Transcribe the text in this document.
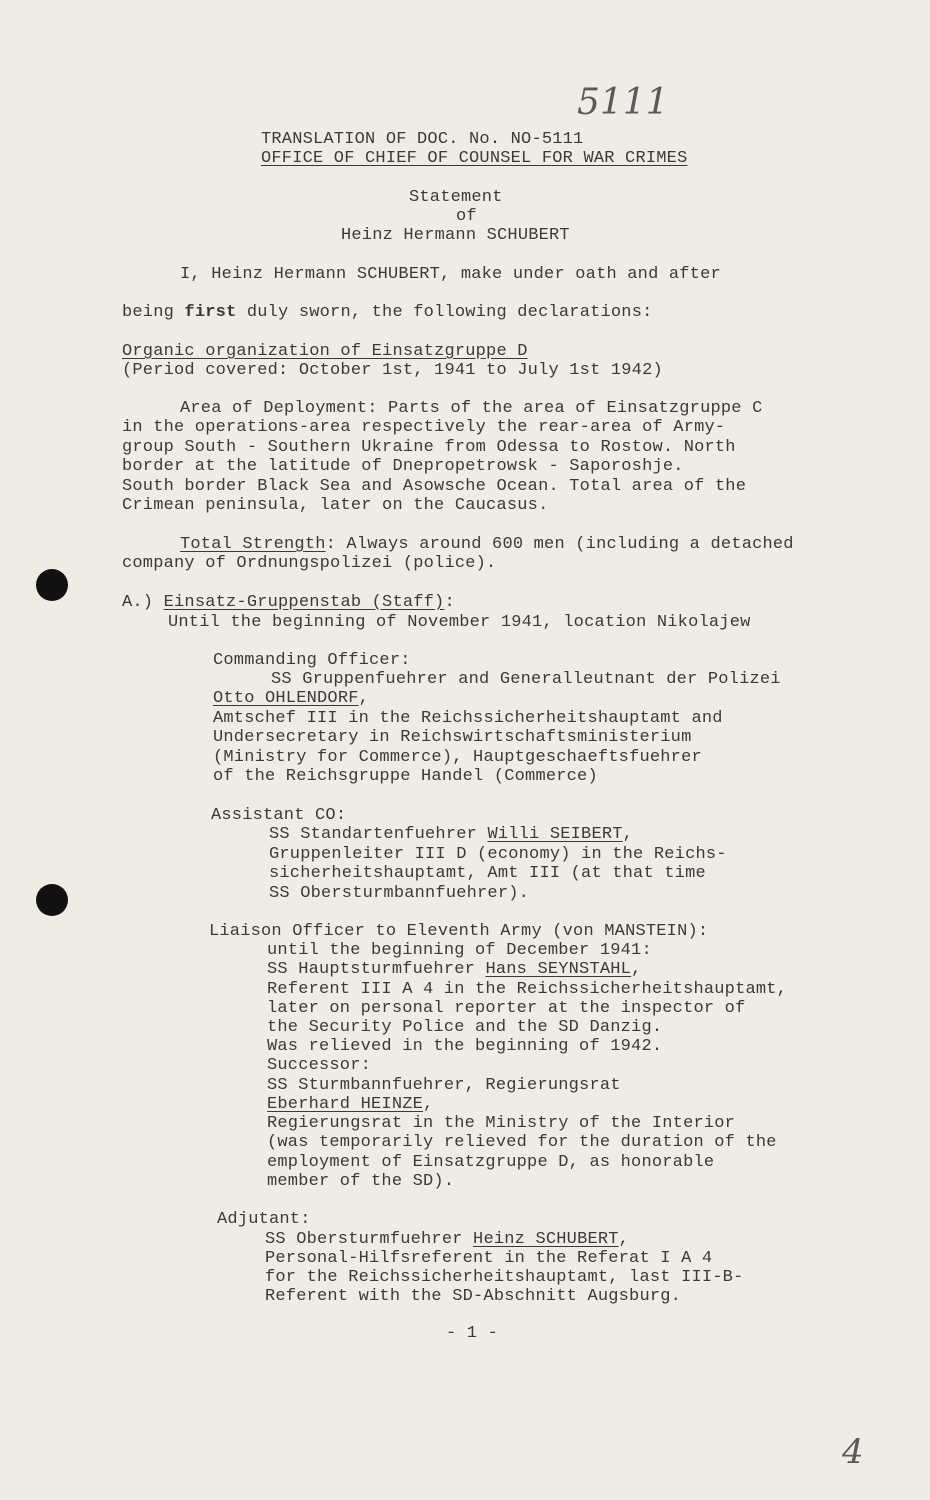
5111
TRANSLATION OF DOC. No. NO-5111
OFFICE OF CHIEF OF COUNSEL FOR WAR CRIMES
Statement
of
Heinz Hermann SCHUBERT
I, Heinz Hermann SCHUBERT, make under oath and after
being first duly sworn, the following declarations:
Organic organization of Einsatzgruppe D
(Period covered: October 1st, 1941 to July 1st 1942)
Area of Deployment: Parts of the area of Einsatzgruppe C
in the operations-area respectively the rear-area of Army-
group South - Southern Ukraine from Odessa to Rostow. North
border at the latitude of Dnepropetrowsk - Saporoshje.
South border Black Sea and Asowsche Ocean. Total area of the
Crimean peninsula, later on the Caucasus.
Total Strength: Always around 600 men (including a detached
company of Ordnungspolizei (police).
A.) Einsatz-Gruppenstab (Staff):
Until the beginning of November 1941, location Nikolajew
Commanding Officer:
SS Gruppenfuehrer and Generalleutnant der Polizei
Otto OHLENDORF,
Amtschef III in the Reichssicherheitshauptamt and
Undersecretary in Reichswirtschaftsministerium
(Ministry for Commerce), Hauptgeschaeftsfuehrer
of the Reichsgruppe Handel (Commerce)
Assistant CO:
SS Standartenfuehrer Willi SEIBERT,
Gruppenleiter III D (economy) in the Reichs-
sicherheitshauptamt, Amt III (at that time
SS Obersturmbannfuehrer).
Liaison Officer to Eleventh Army (von MANSTEIN):
until the beginning of December 1941:
SS Hauptsturmfuehrer Hans SEYNSTAHL,
Referent III A 4 in the Reichssicherheitshauptamt,
later on personal reporter at the inspector of
the Security Police and the SD Danzig.
Was relieved in the beginning of 1942.
Successor:
SS Sturmbannfuehrer, Regierungsrat
Eberhard HEINZE,
Regierungsrat in the Ministry of the Interior
(was temporarily relieved for the duration of the
employment of Einsatzgruppe D, as honorable
member of the SD).
Adjutant:
SS Obersturmfuehrer Heinz SCHUBERT,
Personal-Hilfsreferent in the Referat I A 4
for the Reichssicherheitshauptamt, last III-B-
Referent with the SD-Abschnitt Augsburg.
- 1 -
4
